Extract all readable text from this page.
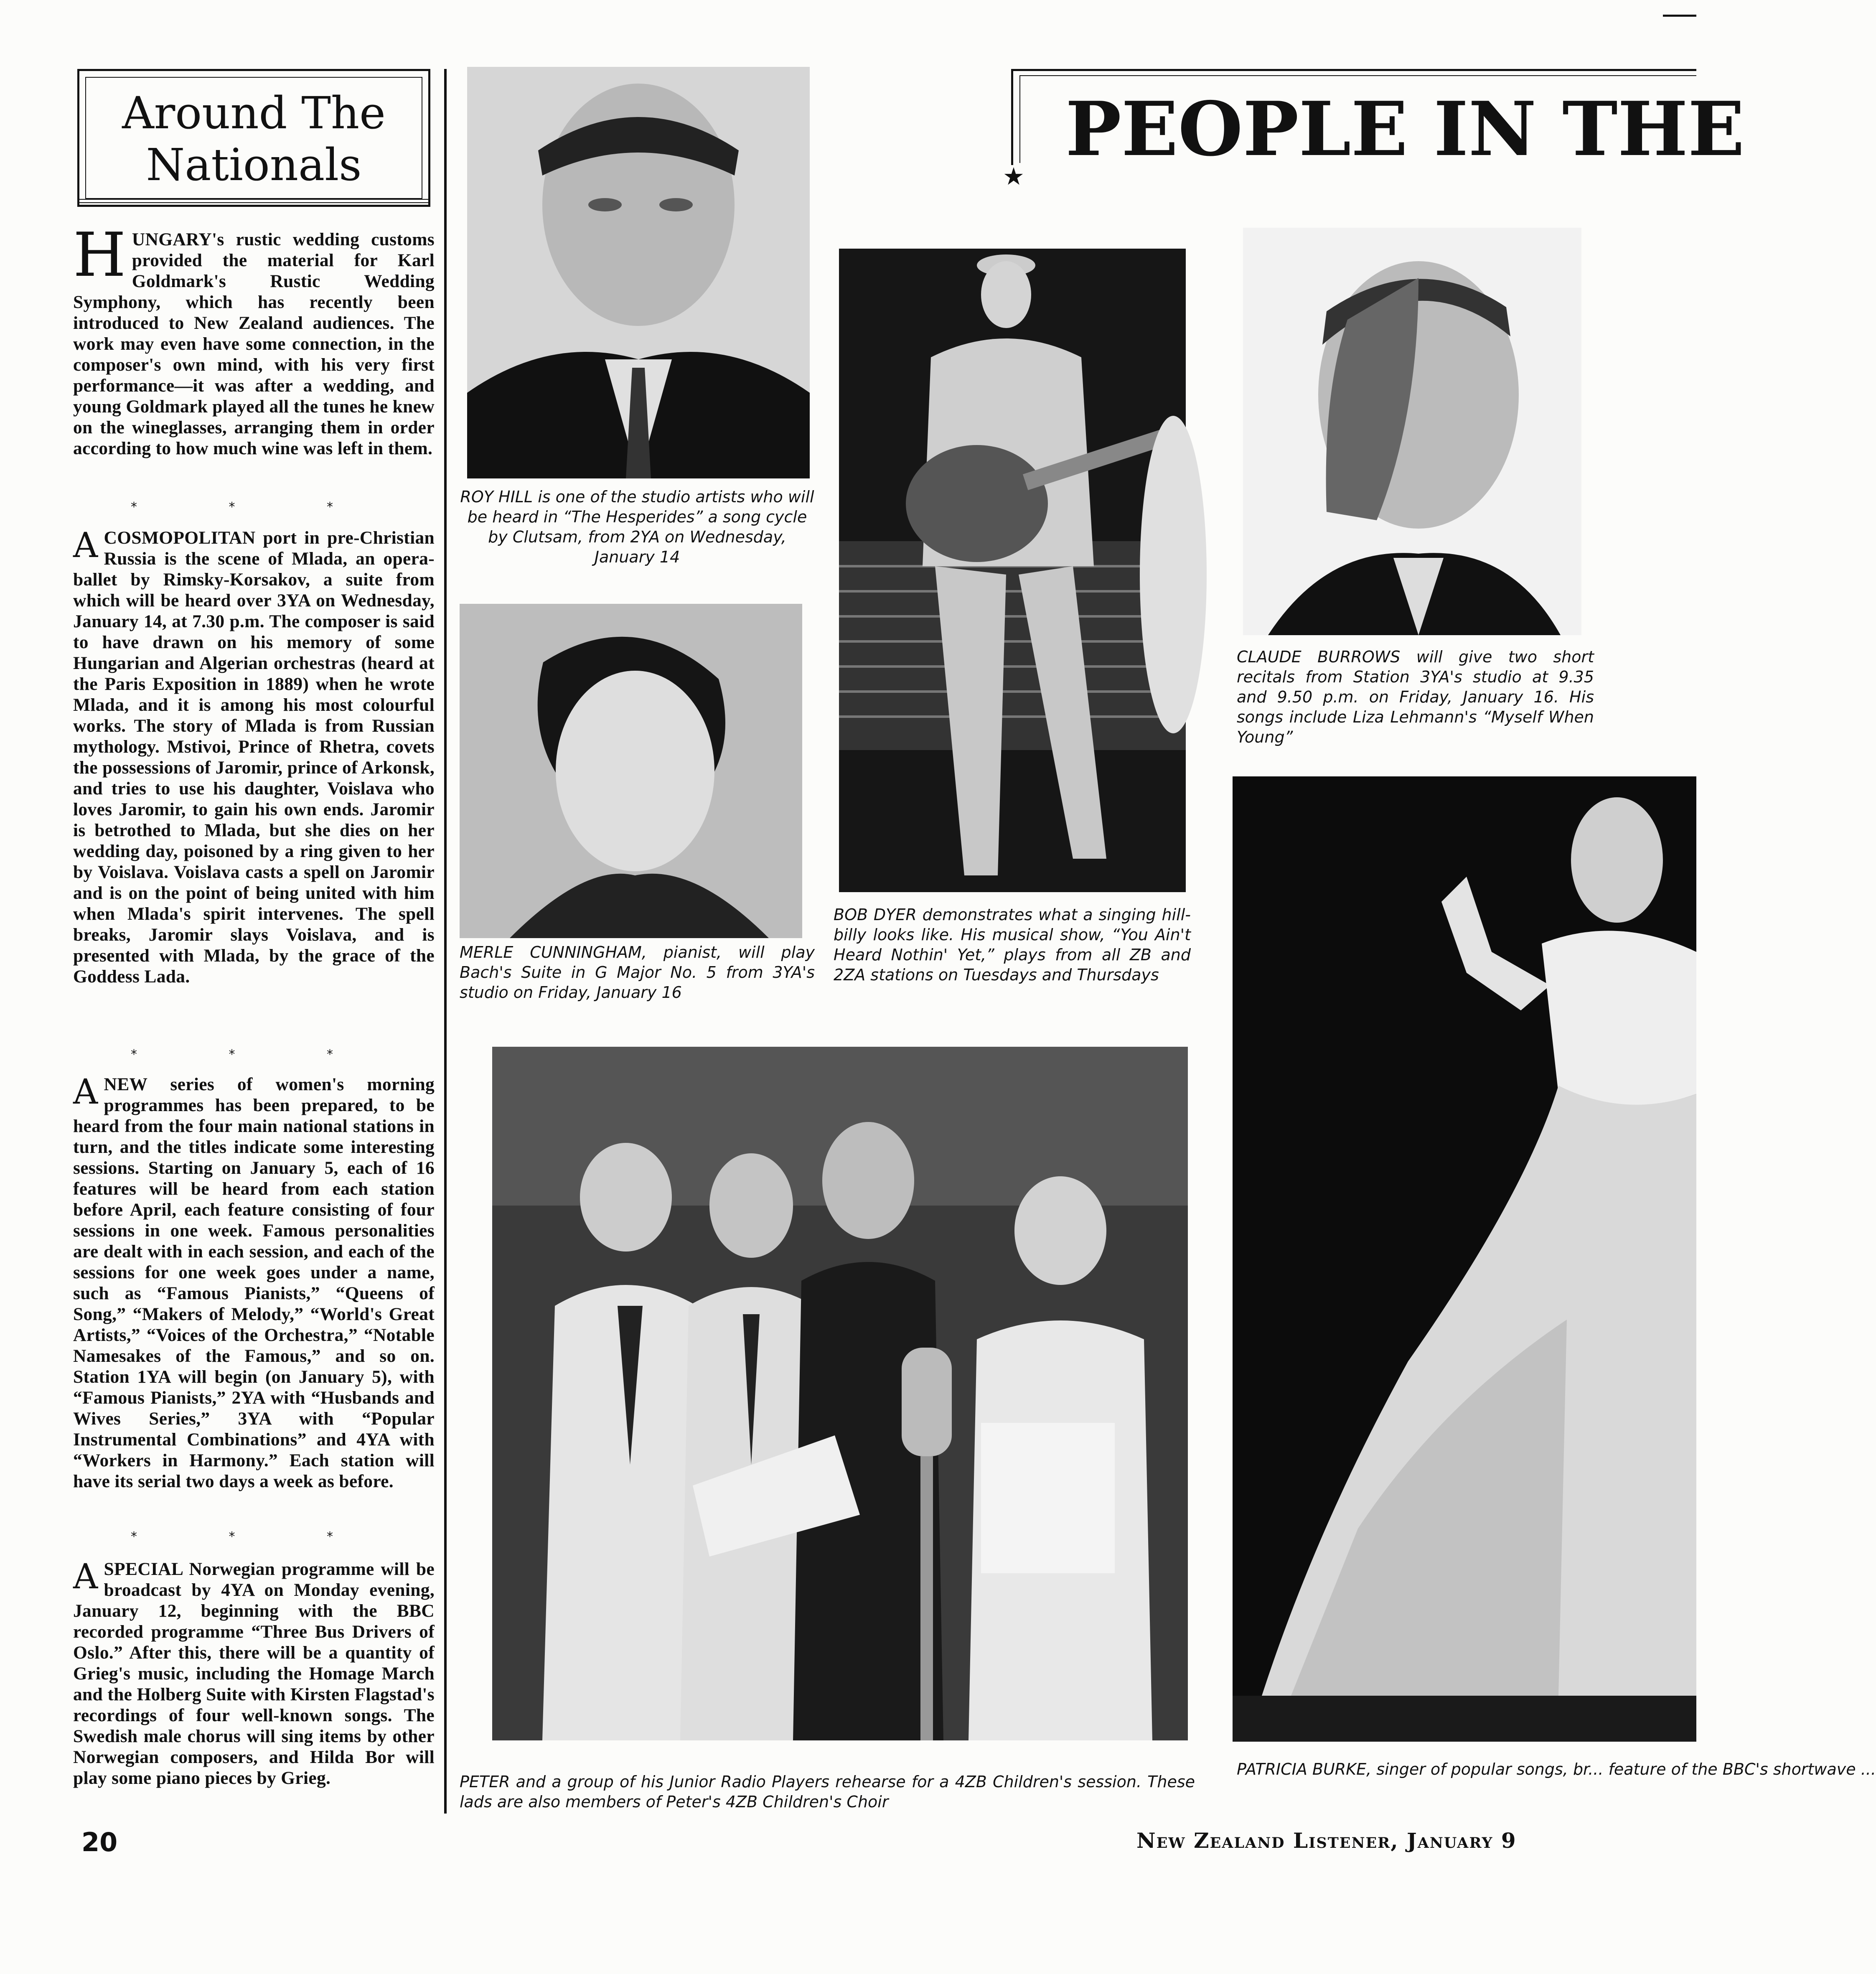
Around The
Nationals
HUNGARY's rustic wedding customs provided the material for Karl Goldmark's Rustic Wedding Symphony, which has recently been introduced to New Zealand audiences. The work may even have some connection, in the composer's own mind, with his very first performance—it was after a wedding, and young Goldmark played all the tunes he knew on the wineglasses, arranging them in order according to how much wine was left in them.
* * *
ACOSMOPOLITAN port in pre-Christian Russia is the scene of Mlada, an opera-ballet by Rimsky-Korsakov, a suite from which will be heard over 3YA on Wednesday, January 14, at 7.30 p.m. The composer is said to have drawn on his memory of some Hungarian and Algerian orchestras (heard at the Paris Exposition in 1889) when he wrote Mlada, and it is among his most colourful works. The story of Mlada is from Russian mythology. Mstivoi, Prince of Rhetra, covets the possessions of Jaromir, prince of Arkonsk, and tries to use his daughter, Voislava who loves Jaromir, to gain his own ends. Jaromir is betrothed to Mlada, but she dies on her wedding day, poisoned by a ring given to her by Voislava. Voislava casts a spell on Jaromir and is on the point of being united with him when Mlada's spirit intervenes. The spell breaks, Jaromir slays Voislava, and is presented with Mlada, by the grace of the Goddess Lada.
* * *
ANEW series of women's morning programmes has been prepared, to be heard from the four main national stations in turn, and the titles indicate some interesting sessions. Starting on January 5, each of 16 features will be heard from each station before April, each feature consisting of four sessions in one week. Famous personalities are dealt with in each session, and each of the sessions for one week goes under a name, such as “Famous Pianists,” “Queens of Song,” “Makers of Melody,” “World's Great Artists,” “Voices of the Orchestra,” “Notable Namesakes of the Famous,” and so on. Station 1YA will begin (on January 5), with “Famous Pianists,” 2YA with “Husbands and Wives Series,” 3YA with “Popular Instrumental Combinations” and 4YA with “Workers in Harmony.” Each station will have its serial two days a week as before.
* * *
ASPECIAL Norwegian programme will be broadcast by 4YA on Monday evening, January 12, beginning with the BBC recorded programme “Three Bus Drivers of Oslo.” After this, there will be a quantity of Grieg's music, including the Homage March and the Holberg Suite with Kirsten Flagstad's recordings of four well-known songs. The Swedish male chorus will sing items by other Norwegian composers, and Hilda Bor will play some piano pieces by Grieg.
ROY HILL is one of the studio artists who will be heard in “The Hesperides” a song cycle by Clutsam, from 2YA on Wednesday, January 14
MERLE CUNNINGHAM, pianist, will play Bach's Suite in G Major No. 5 from 3YA's studio on Friday, January 16
BOB DYER demonstrates what a singing hill-billy looks like. His musical show, “You Ain't Heard Nothin' Yet,” plays from all ZB and 2ZA stations on Tuesdays and Thursdays
CLAUDE BURROWS will give two short recitals from Station 3YA's studio at 9.35 and 9.50 p.m. on Friday, January 16. His songs include Liza Lehmann's “Myself When Young”
PETER and a group of his Junior Radio Players rehearse for a 4ZB Children's session. These lads are also members of Peter's 4ZB Children's Choir
PATRICIA BURKE, singer of popular songs, br... feature of the BBC's shortwave ...
★
PEOPLE IN THE
20	New Zealand Listener, January 9
